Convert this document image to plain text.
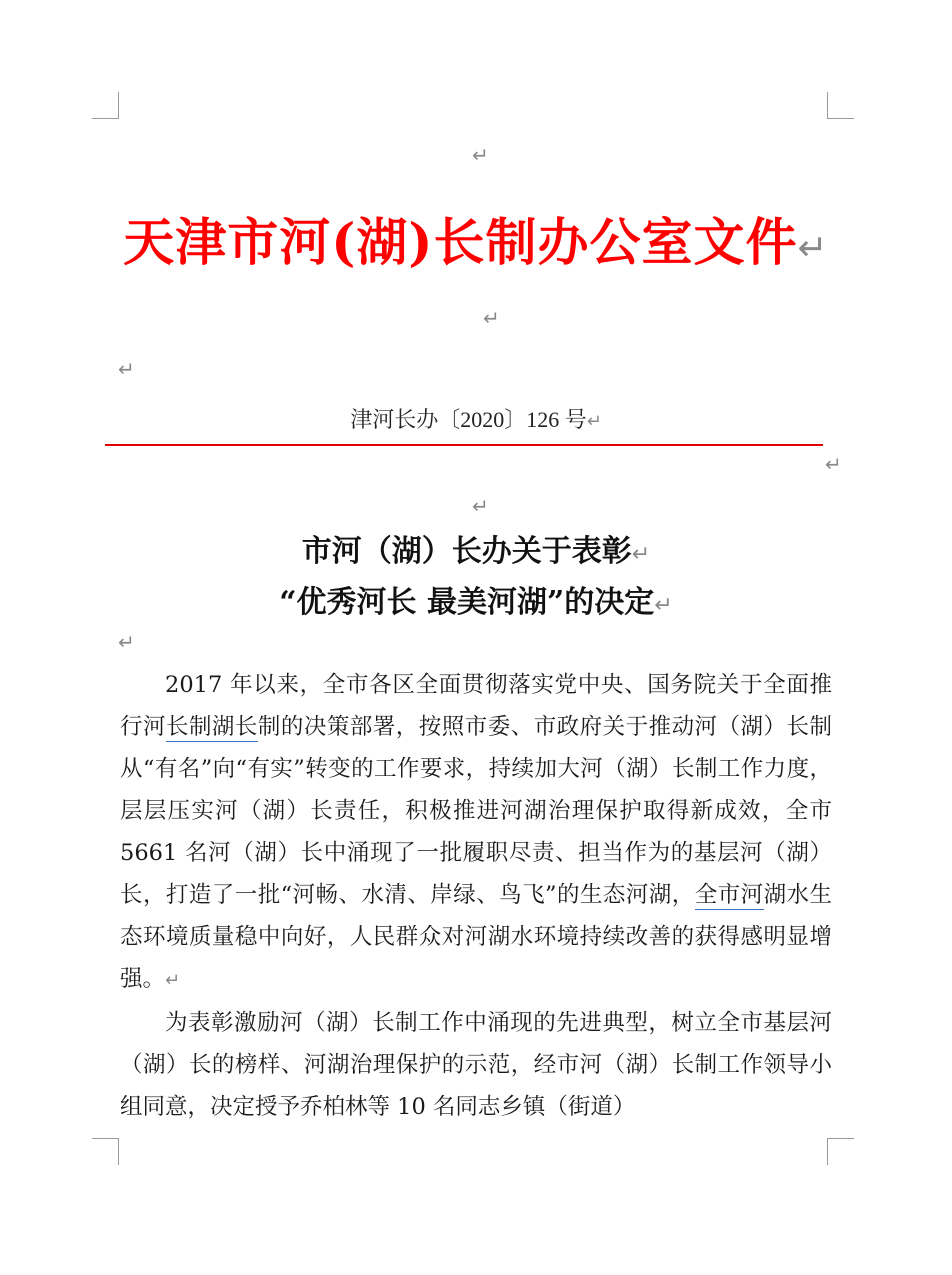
↵
天津市河(湖)长制办公室文件↵
↵
↵
津河长办〔2020〕126 号↵
↵
↵
市河（湖）长办关于表彰↵
“优秀河长 最美河湖”的决定↵
↵

2017 年以来，全市各区全面贯彻落实党中央、国务院关于全面推行河长制湖长制的决策部署，按照市委、市政府关于推动河（湖）长制从“有名”向“有实”转变的工作要求，持续加大河（湖）长制工作力度，层层压实河（湖）长责任，积极推进河湖治理保护取得新成效，全市 5661 名河（湖）长中涌现了一批履职尽责、担当作为的基层河（湖）长，打造了一批“河畅、水清、岸绿、鸟飞”的生态河湖，全市河湖水生态环境质量稳中向好，人民群众对河湖水环境持续改善的获得感明显增强。↵

为表彰激励河（湖）长制工作中涌现的先进典型，树立全市基层河（湖）长的榜样、河湖治理保护的示范，经市河（湖）长制工作领导小组同意，决定授予乔柏林等 10 名同志乡镇（街道）
